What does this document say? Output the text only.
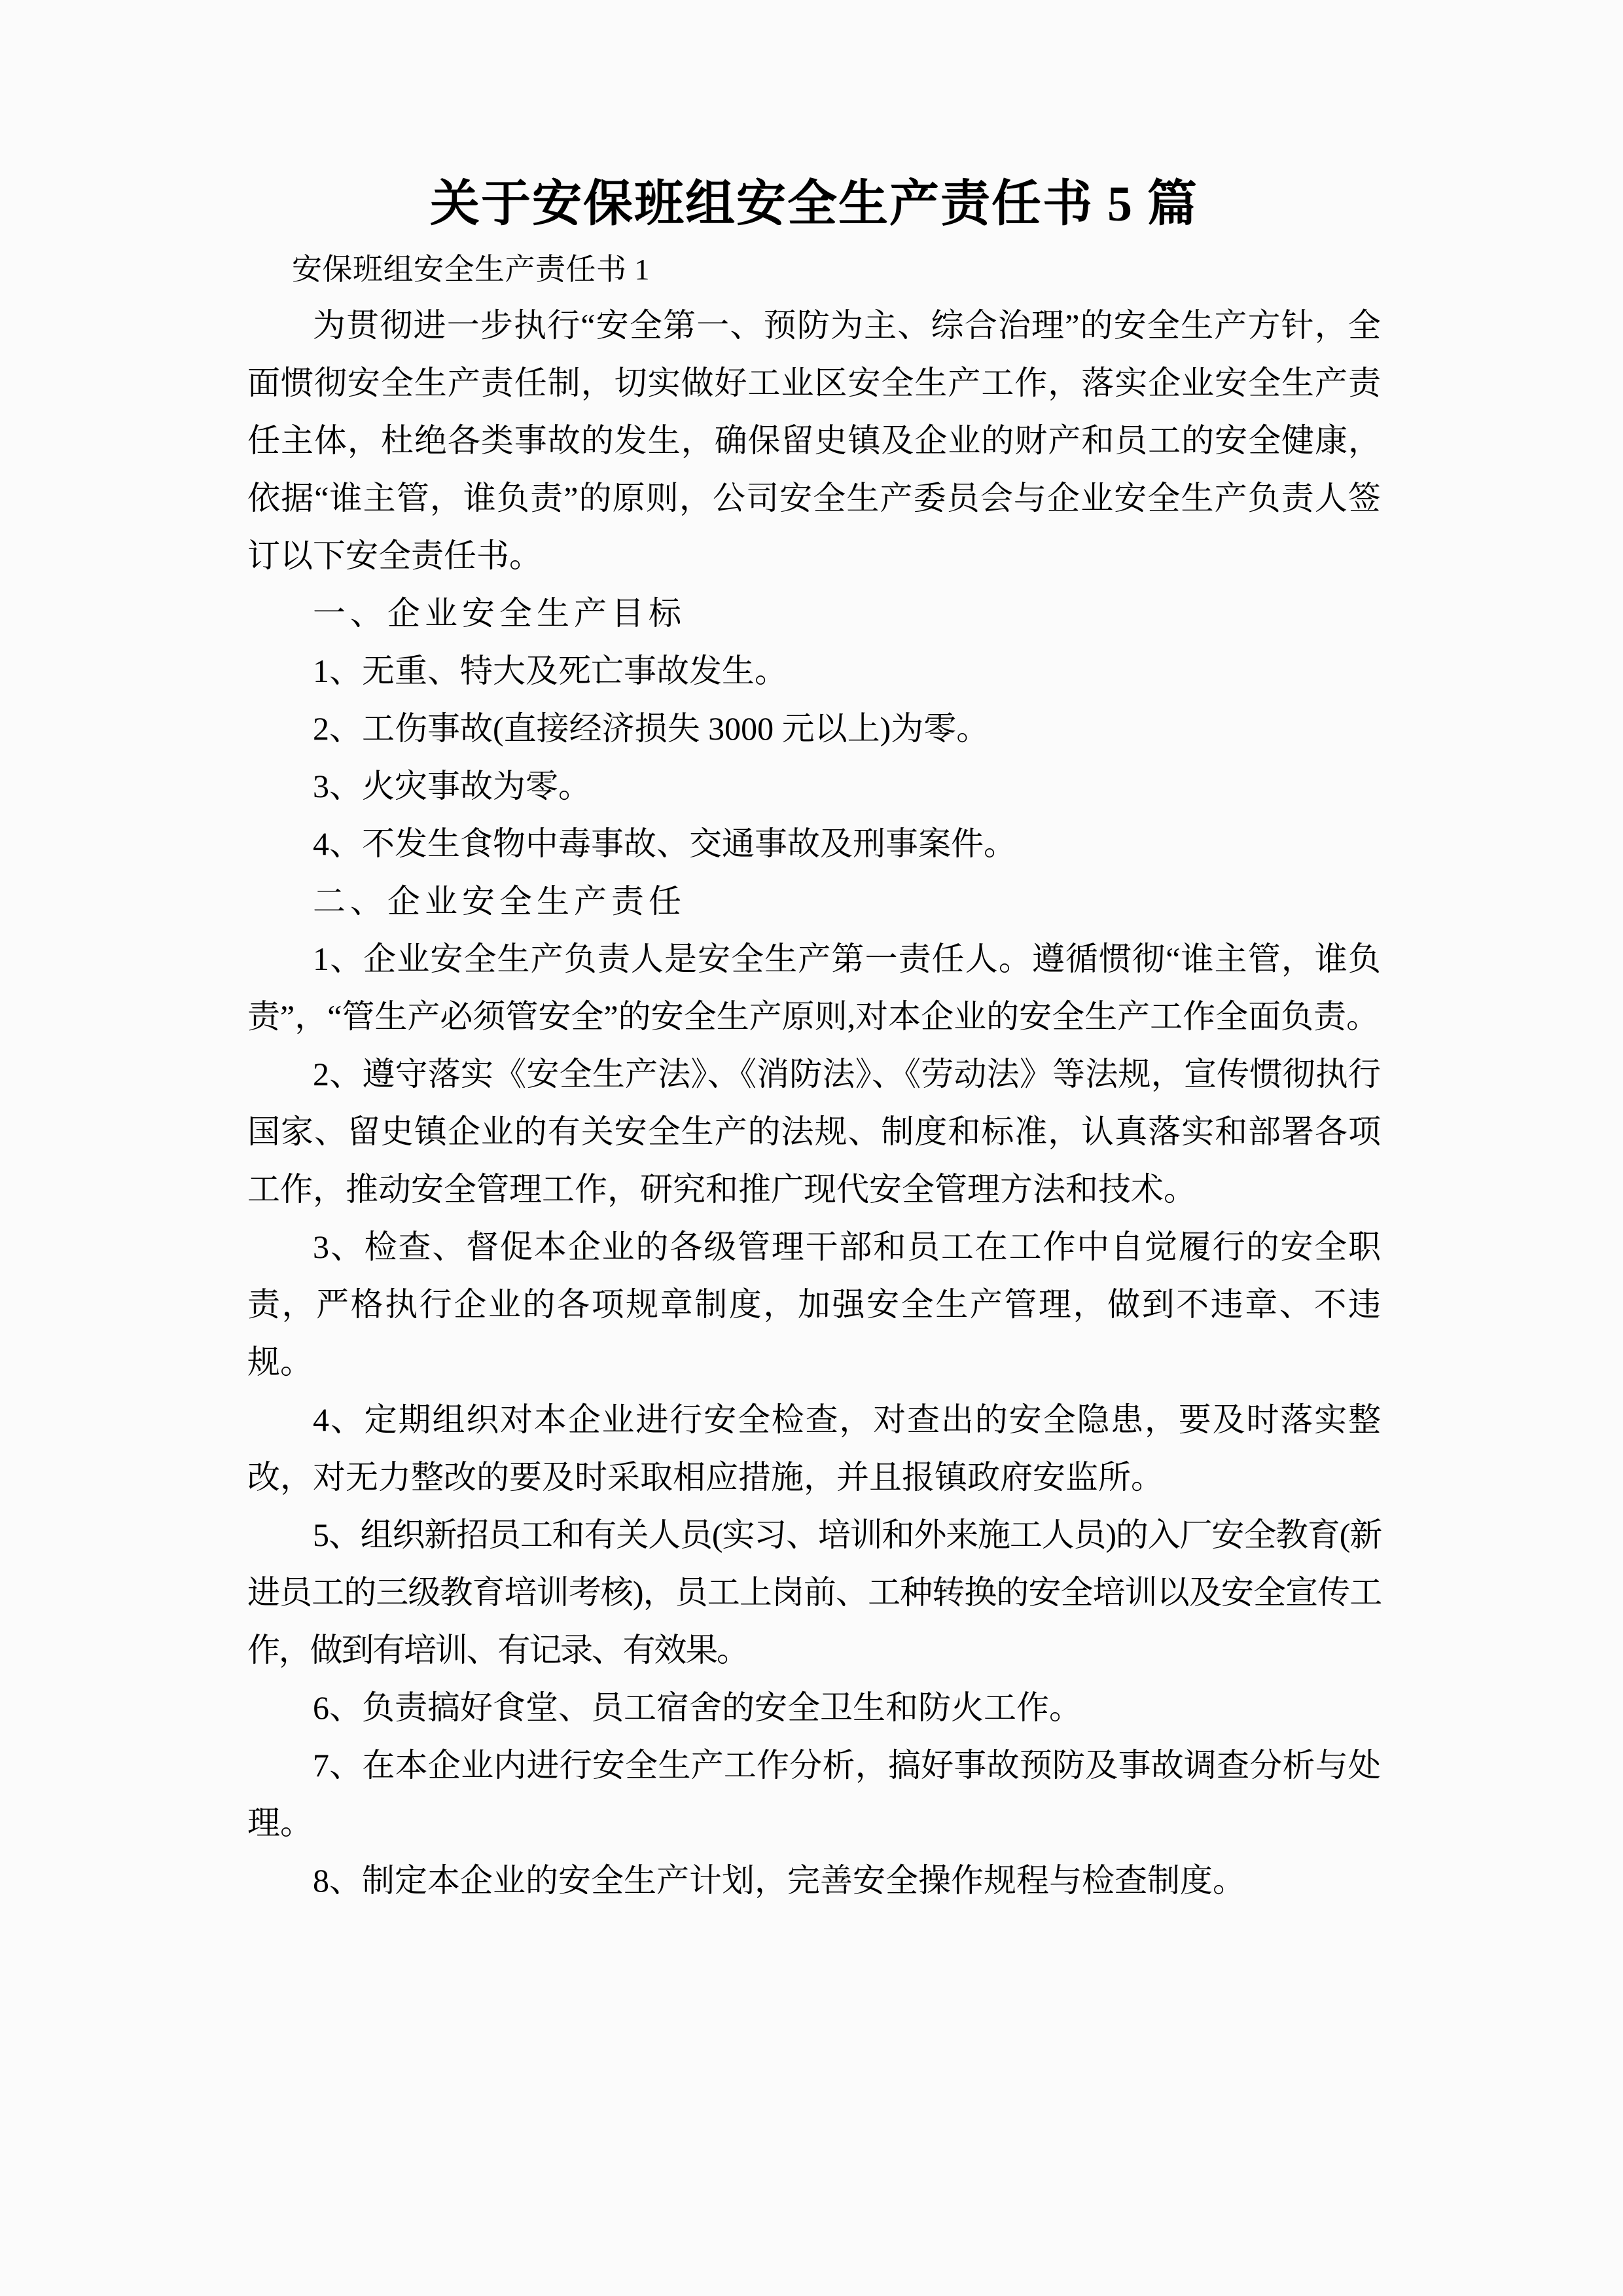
关于安保班组安全生产责任书 5 篇

安保班组安全生产责任书 1

为贯彻进一步执行“安全第一、预防为主、综合治理”的安全生产方针，全面惯彻安全生产责任制，切实做好工业区安全生产工作，落实企业安全生产责任主体，杜绝各类事故的发生，确保留史镇及企业的财产和员工的安全健康，依据“谁主管，谁负责”的原则，公司安全生产委员会与企业安全生产负责人签订以下安全责任书。

一、企业安全生产目标

1、无重、特大及死亡事故发生。

2、工伤事故(直接经济损失 3000 元以上)为零。

3、火灾事故为零。

4、不发生食物中毒事故、交通事故及刑事案件。

二、企业安全生产责任

1、企业安全生产负责人是安全生产第一责任人。遵循惯彻“谁主管，谁负责”，“管生产必须管安全”的安全生产原则,对本企业的安全生产工作全面负责。

2、遵守落实《安全生产法》、《消防法》、《劳动法》等法规，宣传惯彻执行国家、留史镇企业的有关安全生产的法规、制度和标准，认真落实和部署各项工作，推动安全管理工作，研究和推广现代安全管理方法和技术。

3、检查、督促本企业的各级管理干部和员工在工作中自觉履行的安全职责，严格执行企业的各项规章制度，加强安全生产管理，做到不违章、不违规。

4、定期组织对本企业进行安全检查，对查出的安全隐患，要及时落实整改，对无力整改的要及时采取相应措施，并且报镇政府安监所。

5、组织新招员工和有关人员(实习、培训和外来施工人员)的入厂安全教育(新进员工的三级教育培训考核)，员工上岗前、工种转换的安全培训以及安全宣传工作，做到有培训、有记录、有效果。

6、负责搞好食堂、员工宿舍的安全卫生和防火工作。

7、在本企业内进行安全生产工作分析，搞好事故预防及事故调查分析与处理。

8、制定本企业的安全生产计划，完善安全操作规程与检查制度。
